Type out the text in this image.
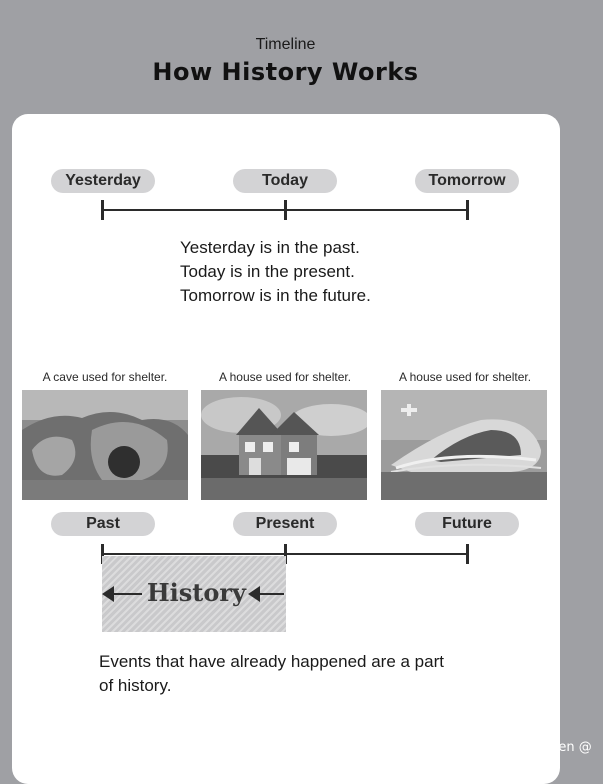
Timeline
How History Works
Yesterday	Today	Tomorrow
Yesterday is in the past.
Today is in the present.
Tomorrow is in the future.
A cave used for shelter.	A house used for shelter.	A house used for shelter.
Past	Present	Future
History
Events that have already happened are a part of history.
微信号: HSbuthen @在线陪娃
